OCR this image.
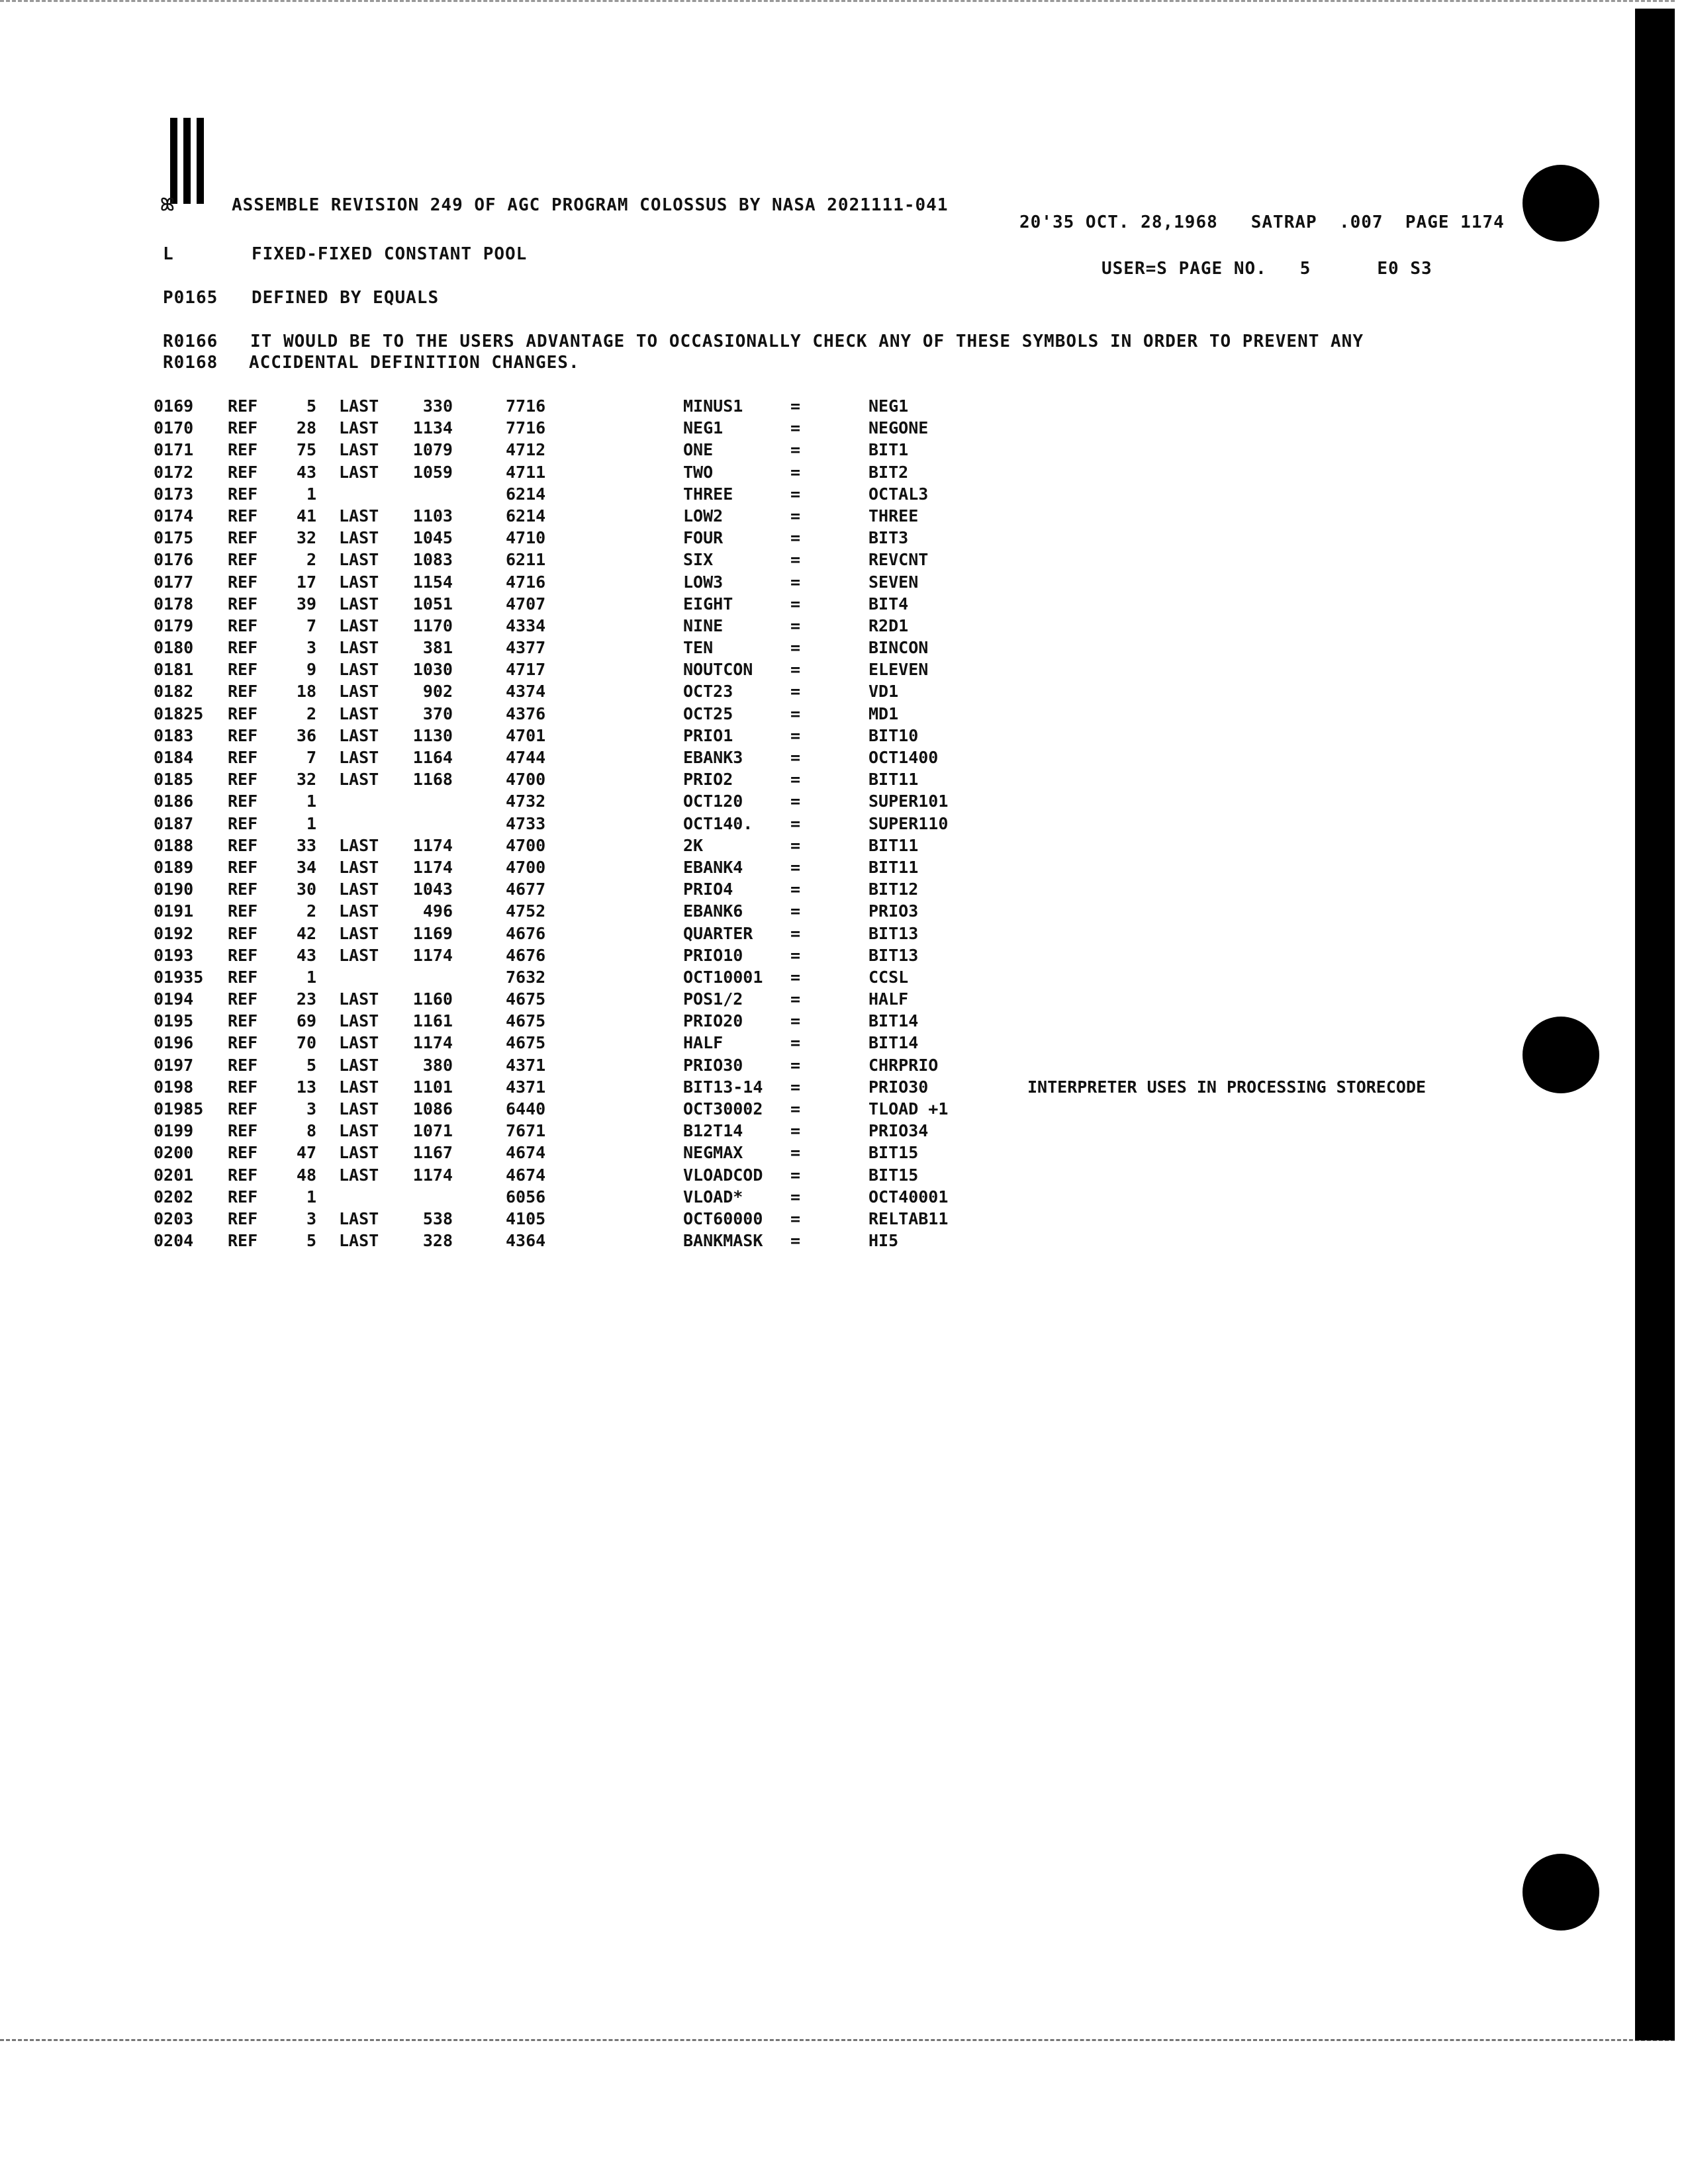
ꕤ	ASSEMBLE REVISION 249 OF AGC PROGRAM COLOSSUS BY NASA 2021111-041
20'35 OCT. 28,1968 SATRAP .007 PAGE 1174
L	FIXED-FIXED CONSTANT POOL
USER=S PAGE NO. 5	E0 S3
P0165 DEFINED BY EQUALS
R0166 IT WOULD BE TO THE USERS ADVANTAGE TO OCCASIONALLY CHECK ANY OF THESE SYMBOLS IN ORDER TO PREVENT ANY
R0168 ACCIDENTAL DEFINITION CHANGES.
0169 REF	5 LAST	330	7716	MINUS1	=	NEG1
0170 REF	28 LAST	1134	7716	NEG1	=	NEGONE
0171 REF	75 LAST	1079	4712	ONE	=	BIT1
0172 REF	43 LAST	1059	4711	TWO	=	BIT2
0173 REF	1	6214	THREE	=	OCTAL3
0174 REF	41 LAST	1103	6214	LOW2	=	THREE
0175 REF	32 LAST	1045	4710	FOUR	=	BIT3
0176 REF	2 LAST	1083	6211	SIX	=	REVCNT
0177 REF	17 LAST	1154	4716	LOW3	=	SEVEN
0178 REF	39 LAST	1051	4707	EIGHT	=	BIT4
0179 REF	7 LAST	1170	4334	NINE	=	R2D1
0180 REF	3 LAST	381	4377	TEN	=	BINCON
0181 REF	9 LAST	1030	4717	NOUTCON =	ELEVEN
0182 REF	18 LAST	902	4374	OCT23	=	VD1
01825 REF	2 LAST	370	4376	OCT25	=	MD1
0183 REF	36 LAST	1130	4701	PRIO1	=	BIT10
0184 REF	7 LAST	1164	4744	EBANK3	=	OCT1400
0185 REF	32 LAST	1168	4700	PRIO2	=	BIT11
0186 REF	1	4732	OCT120	=	SUPER101
0187 REF	1	4733	OCT140. =	SUPER110
0188 REF	33 LAST	1174	4700	2K	=	BIT11
0189 REF	34 LAST	1174	4700	EBANK4	=	BIT11
0190 REF	30 LAST	1043	4677	PRIO4	=	BIT12
0191 REF	2 LAST	496	4752	EBANK6	=	PRIO3
0192 REF	42 LAST	1169	4676	QUARTER =	BIT13
0193 REF	43 LAST	1174	4676	PRIO10	=	BIT13
01935 REF	1	7632	OCT10001 =	CCSL
0194 REF	23 LAST	1160	4675	POS1/2	=	HALF
0195 REF	69 LAST	1161	4675	PRIO20	=	BIT14
0196 REF	70 LAST	1174	4675	HALF	=	BIT14
0197 REF	5 LAST	380	4371	PRIO30	=	CHRPRIO
0198 REF	13 LAST	1101	4371	BIT13-14 =	PRIO30	INTERPRETER USES IN PROCESSING STORECODE
01985 REF	3 LAST	1086	6440	OCT30002 =	TLOAD +1
0199 REF	8 LAST	1071	7671	B12T14	=	PRIO34
0200 REF	47 LAST	1167	4674	NEGMAX	=	BIT15
0201 REF	48 LAST	1174	4674	VLOADCOD =	BIT15
0202 REF	1	6056	VLOAD*	=	OCT40001
0203 REF	3 LAST	538	4105	OCT60000 =	RELTAB11
0204 REF	5 LAST	328	4364	BANKMASK =	HI5
